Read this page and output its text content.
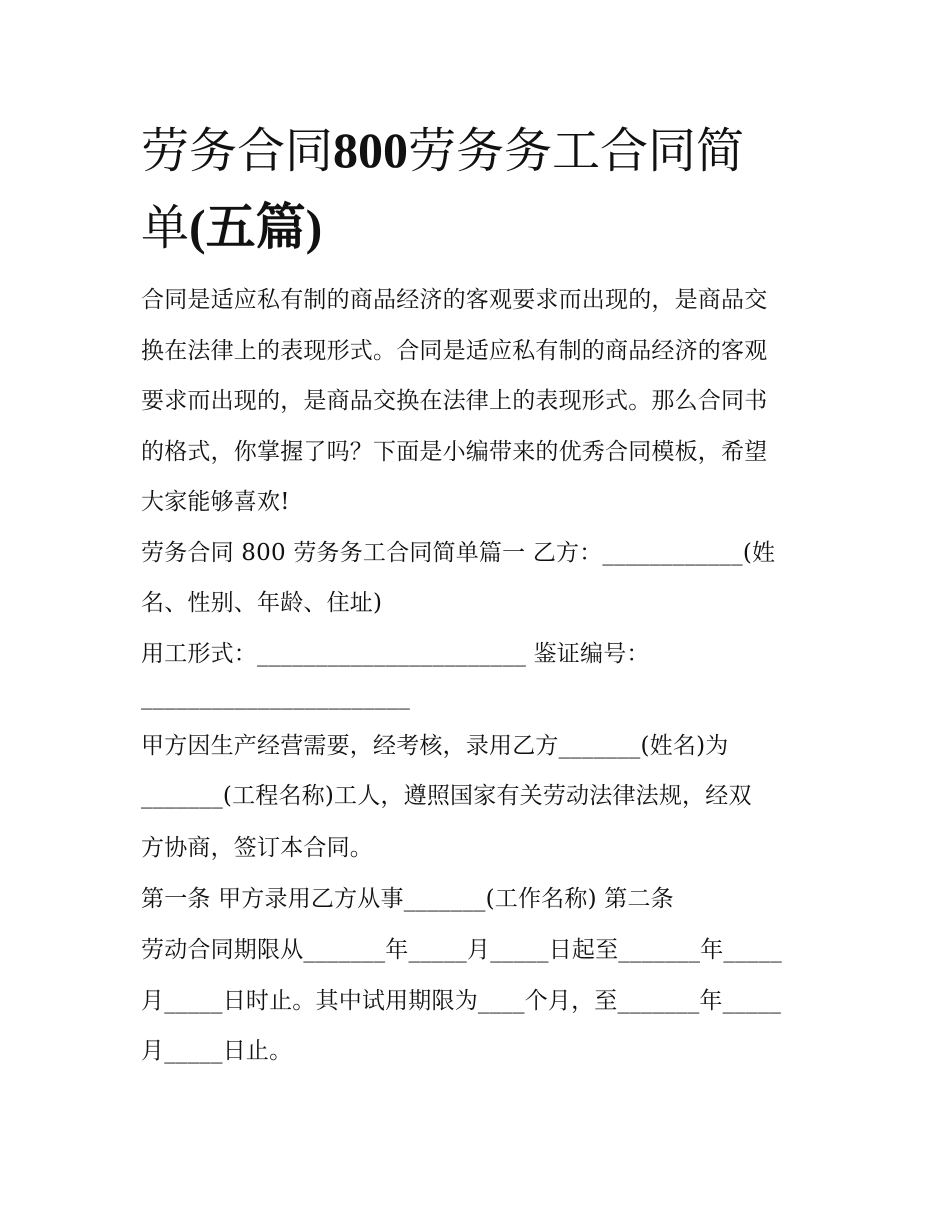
劳务合同800劳务务工合同简
单(五篇)

合同是适应私有制的商品经济的客观要求而出现的，是商品交

换在法律上的表现形式。合同是适应私有制的商品经济的客观

要求而出现的，是商品交换在法律上的表现形式。那么合同书

的格式，你掌握了吗？下面是小编带来的优秀合同模板，希望

大家能够喜欢!

劳务合同 800 劳务务工合同简单篇一 乙方：____________(姓

名、性别、年龄、住址)

用工形式：_______________________ 鉴证编号：

_______________________

甲方因生产经营需要，经考核，录用乙方_______(姓名)为

_______(工程名称)工人，遵照国家有关劳动法律法规，经双

方协商，签订本合同。

第一条 甲方录用乙方从事_______(工作名称) 第二条

劳动合同期限从_______年_____月_____日起至_______年_____

月_____日时止。其中试用期限为____个月，至_______年_____

月_____日止。
